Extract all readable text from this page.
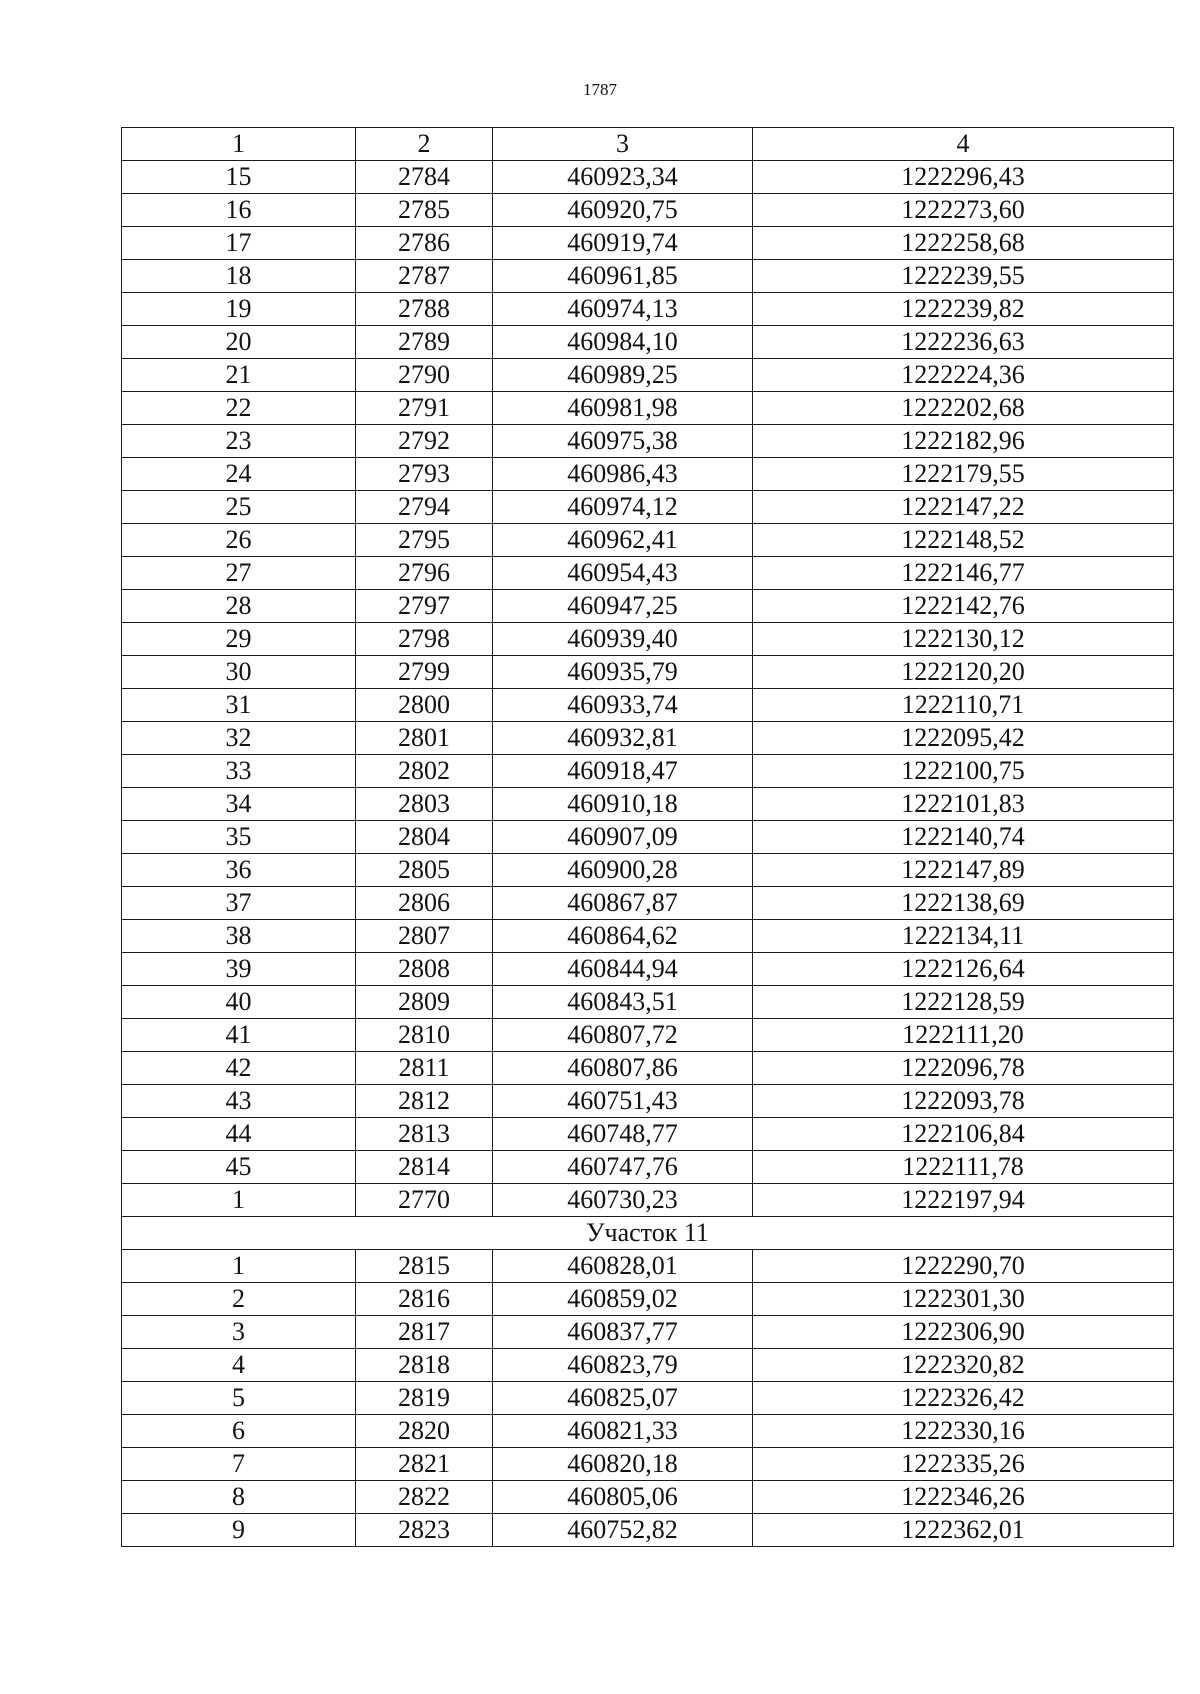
1787
1	2	3	4
15	2784	460923,34	1222296,43
16	2785	460920,75	1222273,60
17	2786	460919,74	1222258,68
18	2787	460961,85	1222239,55
19	2788	460974,13	1222239,82
20	2789	460984,10	1222236,63
21	2790	460989,25	1222224,36
22	2791	460981,98	1222202,68
23	2792	460975,38	1222182,96
24	2793	460986,43	1222179,55
25	2794	460974,12	1222147,22
26	2795	460962,41	1222148,52
27	2796	460954,43	1222146,77
28	2797	460947,25	1222142,76
29	2798	460939,40	1222130,12
30	2799	460935,79	1222120,20
31	2800	460933,74	1222110,71
32	2801	460932,81	1222095,42
33	2802	460918,47	1222100,75
34	2803	460910,18	1222101,83
35	2804	460907,09	1222140,74
36	2805	460900,28	1222147,89
37	2806	460867,87	1222138,69
38	2807	460864,62	1222134,11
39	2808	460844,94	1222126,64
40	2809	460843,51	1222128,59
41	2810	460807,72	1222111,20
42	2811	460807,86	1222096,78
43	2812	460751,43	1222093,78
44	2813	460748,77	1222106,84
45	2814	460747,76	1222111,78
1	2770	460730,23	1222197,94
Участок 11			
1	2815	460828,01	1222290,70
2	2816	460859,02	1222301,30
3	2817	460837,77	1222306,90
4	2818	460823,79	1222320,82
5	2819	460825,07	1222326,42
6	2820	460821,33	1222330,16
7	2821	460820,18	1222335,26
8	2822	460805,06	1222346,26
9	2823	460752,82	1222362,01
